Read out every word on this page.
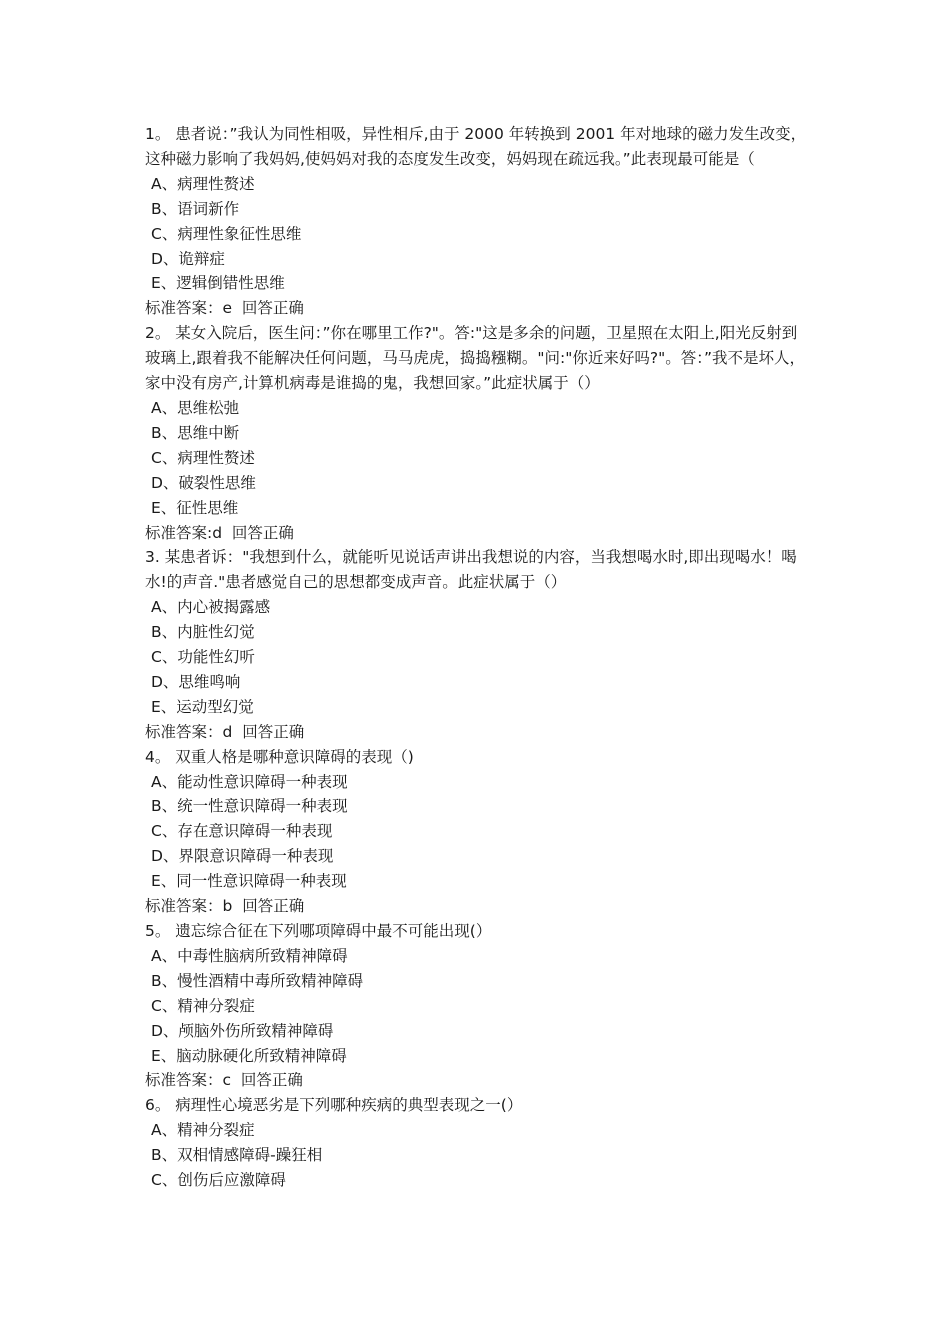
1。 患者说：”我认为同性相吸，异性相斥,由于 2000 年转换到 2001 年对地球的磁力发生改变，这种磁力影响了我妈妈,使妈妈对我的态度发生改变，妈妈现在疏远我。”此表现最可能是（
A、病理性赘述
B、语词新作
C、病理性象征性思维
D、诡辩症
E、逻辑倒错性思维
标准答案：e  回答正确
2。 某女入院后，医生问：”你在哪里工作?"。答:"这是多余的问题，卫星照在太阳上,阳光反射到玻璃上,跟着我不能解决任何问题，马马虎虎，捣捣糨糊。"问:"你近来好吗?"。答：”我不是坏人，家中没有房产,计算机病毒是谁捣的鬼，我想回家。”此症状属于（）
A、思维松弛
B、思维中断
C、病理性赘述
D、破裂性思维
E、征性思维
标准答案:d  回答正确
3. 某患者诉："我想到什么，就能听见说话声讲出我想说的内容，当我想喝水时,即出现喝水！喝水!的声音."患者感觉自己的思想都变成声音。此症状属于（）
A、内心被揭露感
B、内脏性幻觉
C、功能性幻听
D、思维鸣响
E、运动型幻觉
标准答案：d  回答正确
4。 双重人格是哪种意识障碍的表现（)
A、能动性意识障碍一种表现
B、统一性意识障碍一种表现
C、存在意识障碍一种表现
D、界限意识障碍一种表现
E、同一性意识障碍一种表现
标准答案：b  回答正确
5。 遗忘综合征在下列哪项障碍中最不可能出现(）
A、中毒性脑病所致精神障碍
B、慢性酒精中毒所致精神障碍
C、精神分裂症
D、颅脑外伤所致精神障碍
E、脑动脉硬化所致精神障碍
标准答案：c  回答正确
6。 病理性心境恶劣是下列哪种疾病的典型表现之一(）
A、精神分裂症
B、双相情感障碍-躁狂相
C、创伤后应激障碍
